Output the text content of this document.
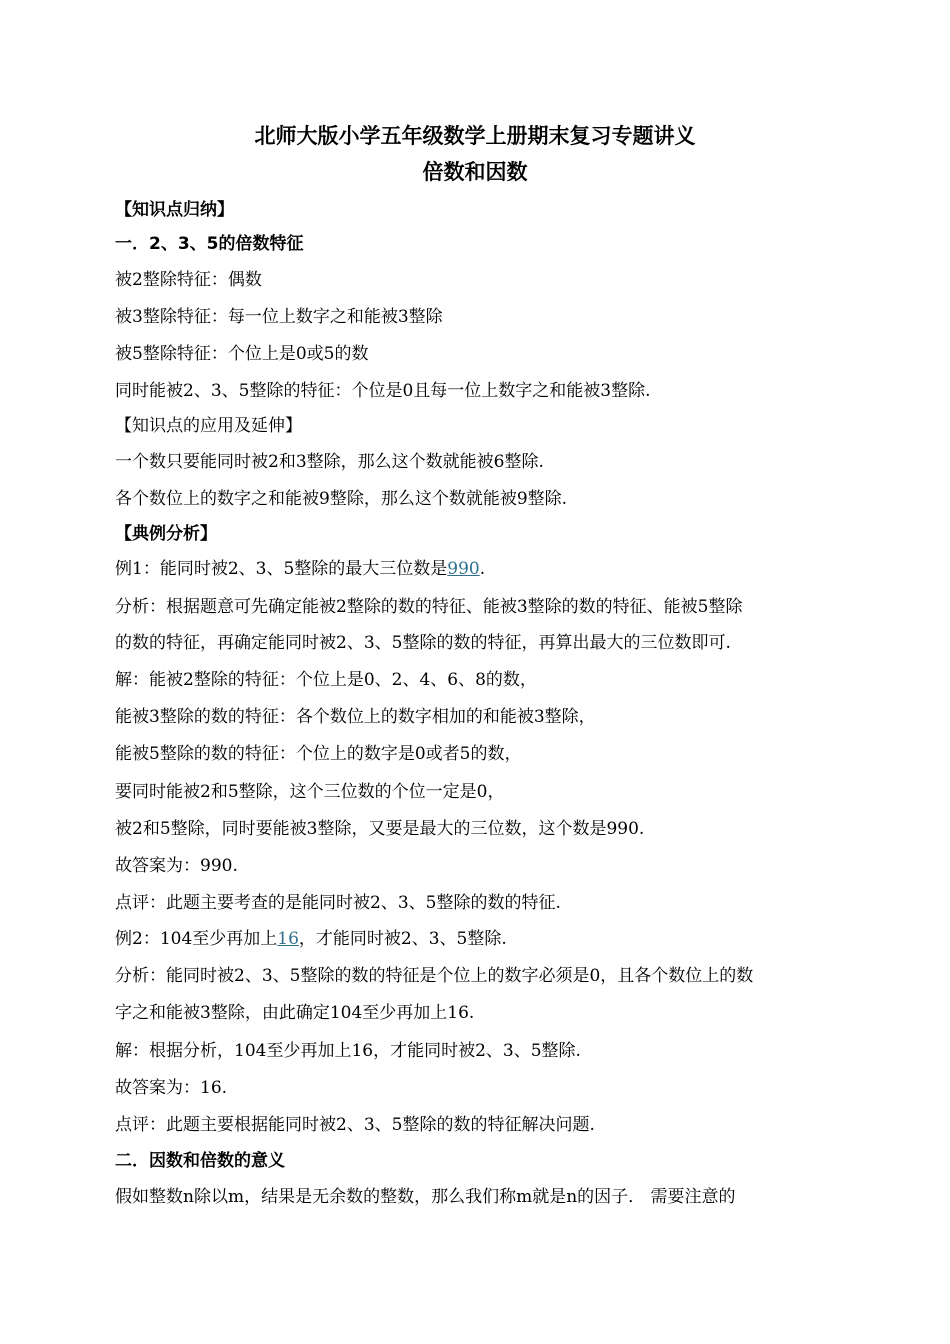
北师大版小学五年级数学上册期末复习专题讲义
倍数和因数
【知识点归纳】
一．2、3、5的倍数特征
被2整除特征：偶数
被3整除特征：每一位上数字之和能被3整除
被5整除特征：个位上是0或5的数
同时能被2、3、5整除的特征：个位是0且每一位上数字之和能被3整除.
【知识点的应用及延伸】
一个数只要能同时被2和3整除，那么这个数就能被6整除.
各个数位上的数字之和能被9整除，那么这个数就能被9整除.
【典例分析】
例1：能同时被2、3、5整除的最大三位数是990.
分析：根据题意可先确定能被2整除的数的特征、能被3整除的数的特征、能被5整除
的数的特征，再确定能同时被2、3、5整除的数的特征，再算出最大的三位数即可.
解：能被2整除的特征：个位上是0、2、4、6、8的数，
能被3整除的数的特征：各个数位上的数字相加的和能被3整除，
能被5整除的数的特征：个位上的数字是0或者5的数，
要同时能被2和5整除，这个三位数的个位一定是0，
被2和5整除，同时要能被3整除，又要是最大的三位数，这个数是990.
故答案为：990.
点评：此题主要考查的是能同时被2、3、5整除的数的特征.
例2：104至少再加上16，才能同时被2、3、5整除.
分析：能同时被2、3、5整除的数的特征是个位上的数字必须是0，且各个数位上的数
字之和能被3整除，由此确定104至少再加上16.
解：根据分析，104至少再加上16，才能同时被2、3、5整除.
故答案为：16.
点评：此题主要根据能同时被2、3、5整除的数的特征解决问题.
二．因数和倍数的意义
假如整数n除以m，结果是无余数的整数，那么我们称m就是n的因子． 需要注意的
